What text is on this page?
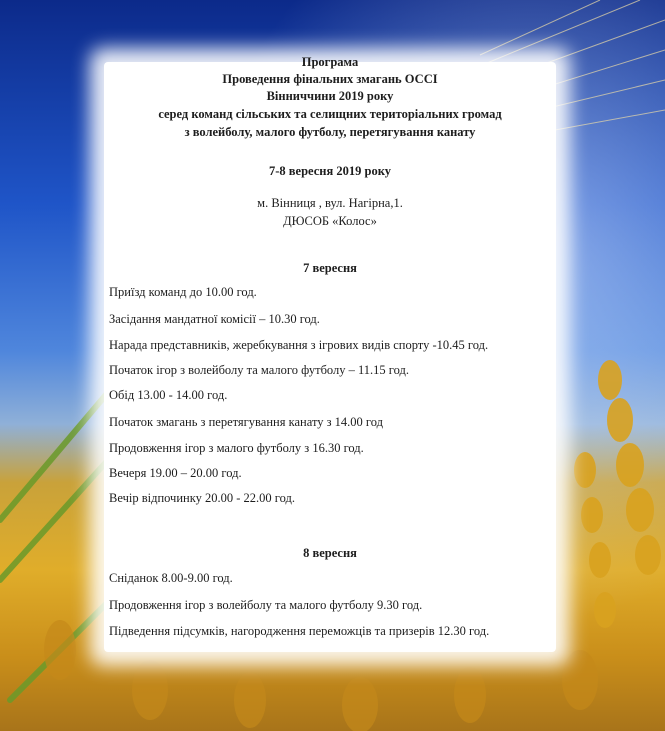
Програма
Проведення фінальних змагань ОССІ
Вінниччини 2019 року
серед команд сільських та селищних територіальних громад
з волейболу, малого футболу, перетягування канату
7-8 вересня 2019 року
м. Вінниця , вул. Нагірна,1.
ДЮСОБ «Колос»
7 вересня
Приїзд команд до 10.00 год.
Засідання мандатної комісії – 10.30 год.
Нарада представників, жеребкування з ігрових видів спорту -10.45 год.
Початок ігор з волейболу та малого футболу – 11.15 год.
Обід 13.00 - 14.00 год.
Початок змагань з перетягування канату з 14.00 год
Продовження ігор з малого футболу з 16.30 год.
Вечеря 19.00 – 20.00 год.
Вечір відпочинку 20.00 - 22.00 год.
8 вересня
Сніданок 8.00-9.00 год.
Продовження ігор з волейболу та малого футболу 9.30 год.
Підведення підсумків, нагородження переможців та призерів 12.30 год.
